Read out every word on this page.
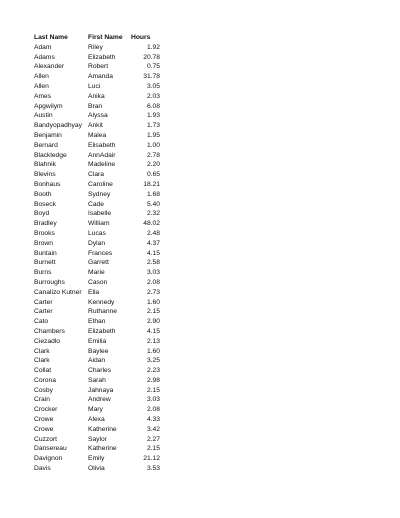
Last Name	First Name	Hours
Adam	Riley	1.92
Adams	Elizabeth	20.78
Alexander	Robert	0.75
Allen	Amanda	31.78
Allen	Luci	3.05
Ames	Anika	2.03
Apgwilym	Bran	6.08
Austin	Alyssa	1.93
Bandyopadhyay	Ankit	1.73
Benjamin	Malea	1.95
Bernard	Elisabeth	1.00
Blackledge	AnnAdair	2.78
Blahnik	Madeline	2.20
Blevins	Clara	0.65
Bonhaus	Caroline	18.21
Booth	Sydney	1.68
Boseck	Cade	5.40
Boyd	Isabelle	2.32
Bradley	William	48.02
Brooks	Lucas	2.48
Brown	Dylan	4.37
Buntain	Frances	4.15
Burnett	Garrett	2.58
Burns	Marie	3.03
Burroughs	Cason	2.08
Canalizo Kutner	Ella	2.73
Carter	Kennedy	1.60
Carter	Ruthanne	2.15
Cato	Ethan	2.90
Chambers	Elizabeth	4.15
Ciezadlo	Emilia	2.13
Clark	Baylee	1.60
Clark	Aidan	3.25
Collat	Charles	2.23
Corona	Sarah	2.98
Cosby	Jahnaya	2.15
Crain	Andrew	3.03
Crocker	Mary	2.08
Crowe	Alexa	4.33
Crowe	Katherine	3.42
Cuzzort	Saylor	2.27
Dansereau	Katherine	2.15
Davignon	Emily	21.12
Davis	Olivia	3.53
